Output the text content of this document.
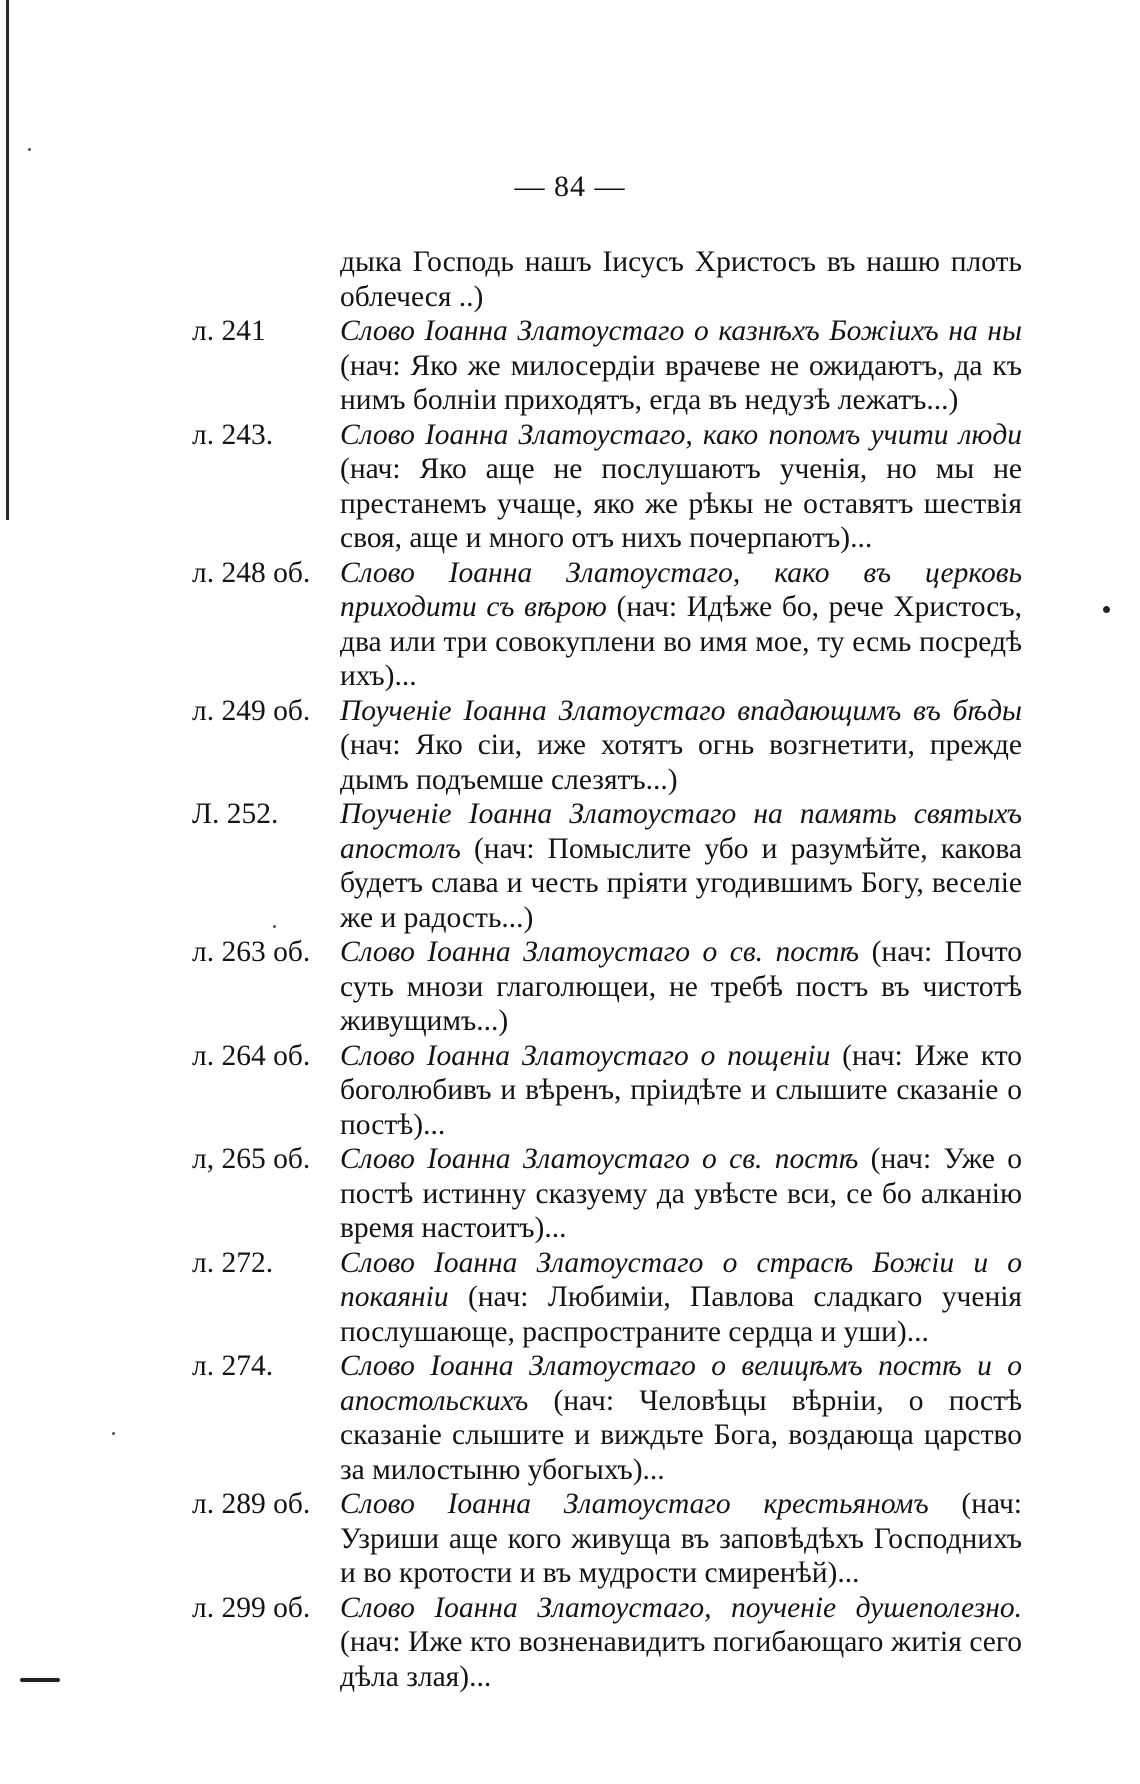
— 84 —
дыка Господь нашъ Іисусъ Христосъ въ нашю плоть облечеся ..)
л. 241	Слово Іоанна Златоустаго о казнѣхъ Божіихъ на ны (нач: Яко же милосердіи врачеве не ожидаютъ, да къ нимъ болніи приходятъ, егда въ недузѣ лежатъ...)
л. 243.	Слово Іоанна Златоустаго, како попомъ учити люди (нач: Яко аще не послушаютъ ученія, но мы не престанемъ учаще, яко же рѣкы не оставятъ шествія своя, аще и много отъ нихъ почерпаютъ)...
л. 248 об.	Слово Іоанна Златоустаго, како въ церковь приходити съ вѣрою (нач: Идѣже бо, рече Христосъ, два или три совокуплени во имя мое, ту есмь посредѣ ихъ)...
л. 249 об.	Поученіе Іоанна Златоустаго впадающимъ въ бѣды (нач: Яко сіи, иже хотятъ огнь возгнетити, прежде дымъ подъемше слезятъ...)
Л. 252.	Поученіе Іоанна Златоустаго на память святыхъ апостолъ (нач: Помыслите убо и разумѣйте, какова будетъ слава и честь пріяти угодившимъ Богу, веселіе же и радость...)
л. 263 об.	Слово Іоанна Златоустаго о св. постѣ (нач: Почто суть мнози глаголющеи, не требѣ постъ въ чистотѣ живущимъ...)
л. 264 об.	Слово Іоанна Златоустаго о пощеніи (нач: Иже кто боголюбивъ и вѣренъ, пріидѣте и слышите сказаніе о постѣ)...
л, 265 об.	Слово Іоанна Златоустаго о св. постѣ (нач: Уже о постѣ истинну сказуему да увѣсте вси, се бо алканію время настоитъ)...
л. 272.	Слово Іоанна Златоустаго о страсѣ Божіи и о покаяніи (нач: Любиміи, Павлова сладкаго ученія послушающе, распространите сердца и уши)...
л. 274.	Слово Іоанна Златоустаго о велицѣмъ постѣ и о апостольскихъ (нач: Человѣцы вѣрніи, о постѣ сказаніе слышите и виждьте Бога, воздающа царство за милостыню убогыхъ)...
л. 289 об.	Слово Іоанна Златоустаго крестьяномъ (нач: Узриши аще кого живуща въ заповѣдѣхъ Господнихъ и во кротости и въ мудрости смиренѣй)...
л. 299 об.	Слово Іоанна Златоустаго, поученіе душеполезно. (нач: Иже кто возненавидитъ погибающаго житія сего дѣла злая)...
